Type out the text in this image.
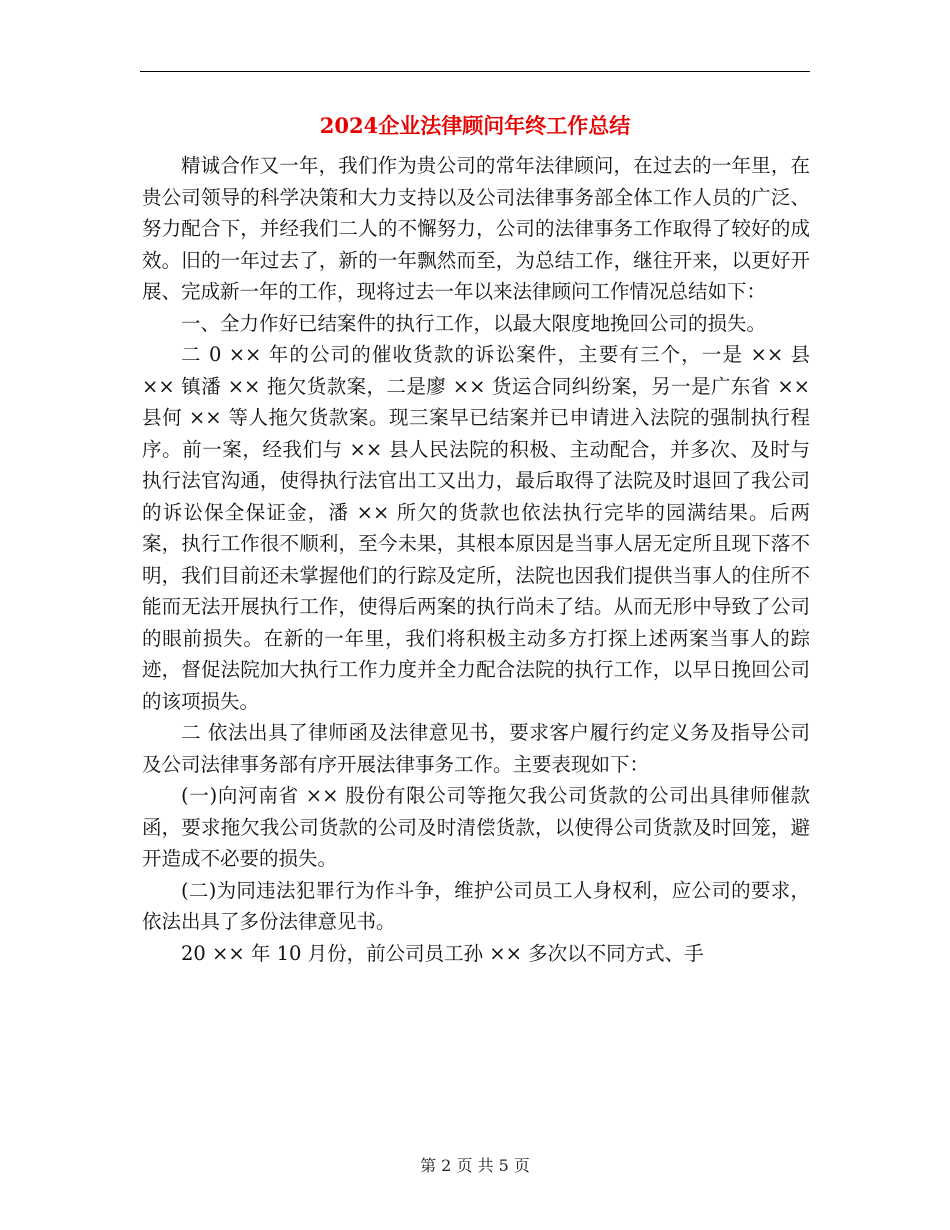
2024企业法律顾问年终工作总结

精诚合作又一年，我们作为贵公司的常年法律顾问，在过去的一年里，在贵公司领导的科学决策和大力支持以及公司法律事务部全体工作人员的广泛、努力配合下，并经我们二人的不懈努力，公司的法律事务工作取得了较好的成效。旧的一年过去了，新的一年飘然而至，为总结工作，继往开来，以更好开展、完成新一年的工作，现将过去一年以来法律顾问工作情况总结如下：

一、全力作好已结案件的执行工作，以最大限度地挽回公司的损失。

二 0 ×× 年的公司的催收货款的诉讼案件，主要有三个，一是 ×× 县 ×× 镇潘 ×× 拖欠货款案，二是廖 ×× 货运合同纠纷案，另一是广东省 ×× 县何 ×× 等人拖欠货款案。现三案早已结案并已申请进入法院的强制执行程序。前一案，经我们与 ×× 县人民法院的积极、主动配合，并多次、及时与执行法官沟通，使得执行法官出工又出力，最后取得了法院及时退回了我公司的诉讼保全保证金，潘 ×× 所欠的货款也依法执行完毕的园满结果。后两案，执行工作很不顺利，至今未果，其根本原因是当事人居无定所且现下落不明，我们目前还未掌握他们的行踪及定所，法院也因我们提供当事人的住所不能而无法开展执行工作，使得后两案的执行尚未了结。从而无形中导致了公司的眼前损失。在新的一年里，我们将积极主动多方打探上述两案当事人的踪迹，督促法院加大执行工作力度并全力配合法院的执行工作，以早日挽回公司的该项损失。

二 依法出具了律师函及法律意见书，要求客户履行约定义务及指导公司及公司法律事务部有序开展法律事务工作。主要表现如下：

(一)向河南省 ×× 股份有限公司等拖欠我公司货款的公司出具律师催款函，要求拖欠我公司货款的公司及时清偿货款，以使得公司货款及时回笼，避开造成不必要的损失。

(二)为同违法犯罪行为作斗争，维护公司员工人身权利，应公司的要求，依法出具了多份法律意见书。

20 ×× 年 10 月份，前公司员工孙 ×× 多次以不同方式、手

第 2 页 共 5 页
